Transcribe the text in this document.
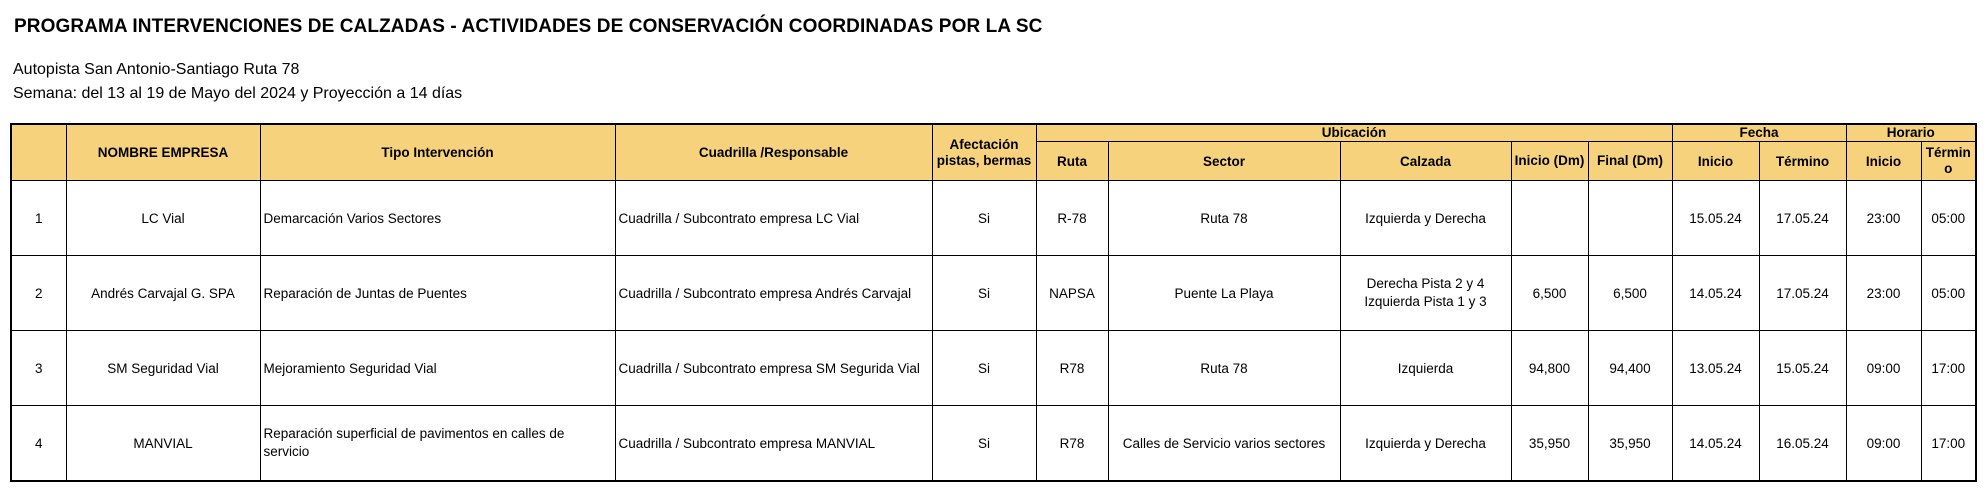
PROGRAMA INTERVENCIONES DE CALZADAS - ACTIVIDADES DE CONSERVACIÓN COORDINADAS POR LA SC
Autopista San Antonio-Santiago Ruta 78
Semana: del 13 al 19 de Mayo del 2024 y Proyección a 14 días
	NOMBRE EMPRESA	Tipo Intervención	Cuadrilla /Responsable	Afectación pistas, bermas	Ubicación					Fecha		Horario	
					Ruta	Sector	Calzada	Inicio (Dm)	Final (Dm)	Inicio	Término	Inicio	Término
1	LC Vial	Demarcación Varios Sectores	Cuadrilla / Subcontrato empresa LC Vial	Si	R-78	Ruta 78	Izquierda y Derecha			15.05.24	17.05.24	23:00	05:00
2	Andrés Carvajal G. SPA	Reparación de Juntas de Puentes	Cuadrilla / Subcontrato empresa Andrés Carvajal	Si	NAPSA	Puente La Playa	Derecha Pista 2 y 4
Izquierda Pista 1 y 3	6,500	6,500	14.05.24	17.05.24	23:00	05:00
3	SM Seguridad Vial	Mejoramiento Seguridad Vial	Cuadrilla / Subcontrato empresa SM Segurida Vial	Si	R78	Ruta 78	Izquierda	94,800	94,400	13.05.24	15.05.24	09:00	17:00
4	MANVIAL	Reparación superficial de pavimentos en calles de servicio	Cuadrilla / Subcontrato empresa MANVIAL	Si	R78	Calles de Servicio varios sectores	Izquierda y Derecha	35,950	35,950	14.05.24	16.05.24	09:00	17:00
